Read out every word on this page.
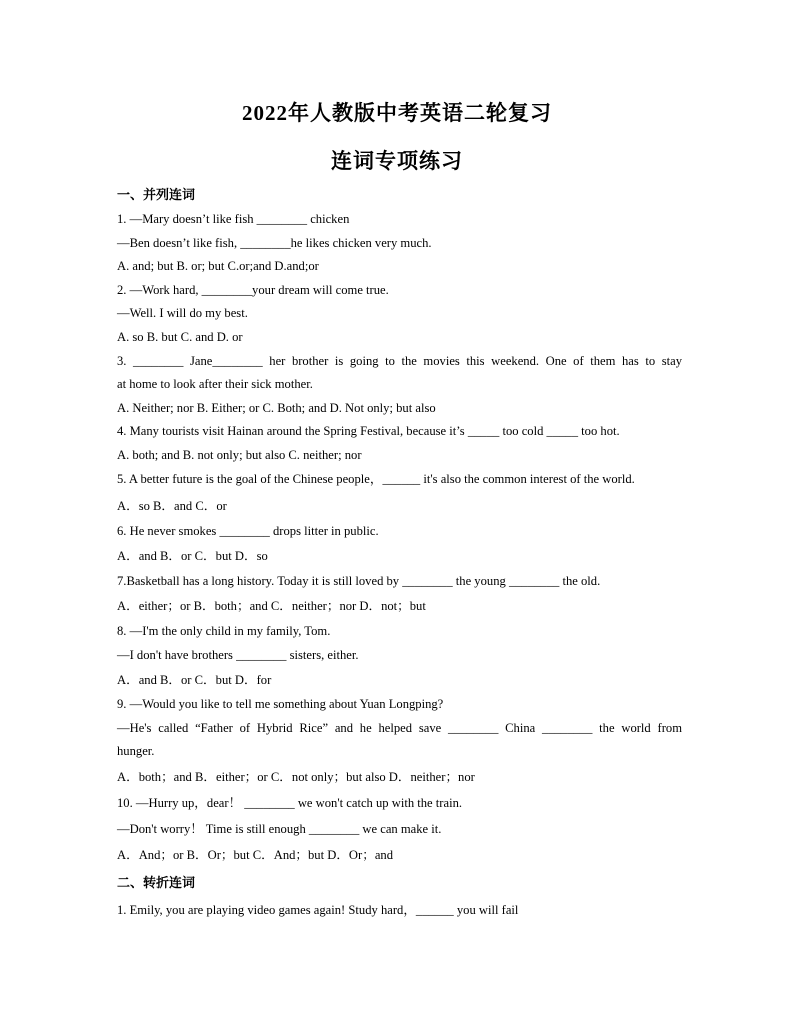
2022年人教版中考英语二轮复习
连词专项练习
一、并列连词
1. —Mary doesn’t like fish ________ chicken
—Ben doesn’t like fish, ________he likes chicken very much.
A. and; but B. or; but C.or;and D.and;or
2. —Work hard, ________your dream will come true.
—Well. I will do my best.
A. so B. but C. and D. or
3. ________ Jane________ her brother is going to the movies this weekend. One of them has to stay
at home to look after their sick mother.
A. Neither; nor B. Either; or C. Both; and D. Not only; but also
4. Many tourists visit Hainan around the Spring Festival, because it’s _____ too cold _____ too hot.
A. both; and B. not only; but also C. neither; nor
5. A better future is the goal of the Chinese people，______ it's also the common interest of the world.
A．so B．and C．or
6. He never smokes ________ drops litter in public.
A．and B．or C．but D．so
7.Basketball has a long history. Today it is still loved by ________ the young ________ the old.
A．either；or B．both；and C．neither；nor D．not；but
8. —I'm the only child in my family, Tom.
—I don't have brothers ________ sisters, either.
A．and B．or C．but D．for
9. —Would you like to tell me something about Yuan Longping?
—He's called “Father of Hybrid Rice” and he helped save ________ China ________ the world from
hunger.
A．both；and B．either；or C．not only；but also D．neither；nor
10. —Hurry up，dear！ ________ we won't catch up with the train.
—Don't worry！ Time is still enough ________ we can make it.
A．And；or B．Or；but C．And；but D．Or；and
二、转折连词
1. Emily, you are playing video games again! Study hard，______ you will fail
